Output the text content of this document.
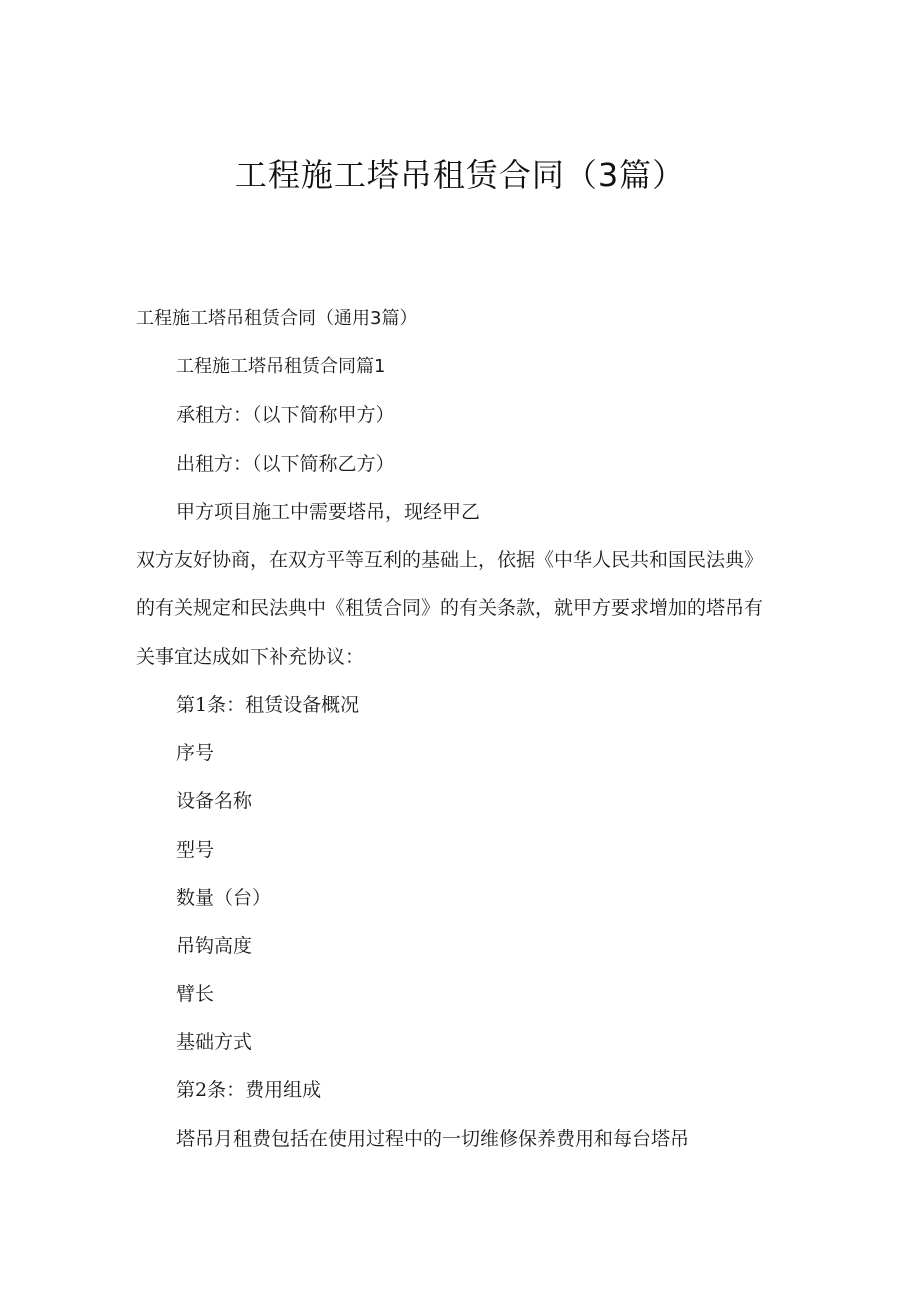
工程施工塔吊租赁合同（3篇）
工程施工塔吊租赁合同（通用3篇）
工程施工塔吊租赁合同篇1
承租方：（以下简称甲方）
出租方：（以下简称乙方）
甲方项目施工中需要塔吊，现经甲乙
双方友好协商，在双方平等互利的基础上，依据《中华人民共和国民法典》
的有关规定和民法典中《租赁合同》的有关条款，就甲方要求增加的塔吊有
关事宜达成如下补充协议：
第1条：租赁设备概况
序号
设备名称
型号
数量（台）
吊钩高度
臂长
基础方式
第2条：费用组成
塔吊月租费包括在使用过程中的一切维修保养费用和每台塔吊
